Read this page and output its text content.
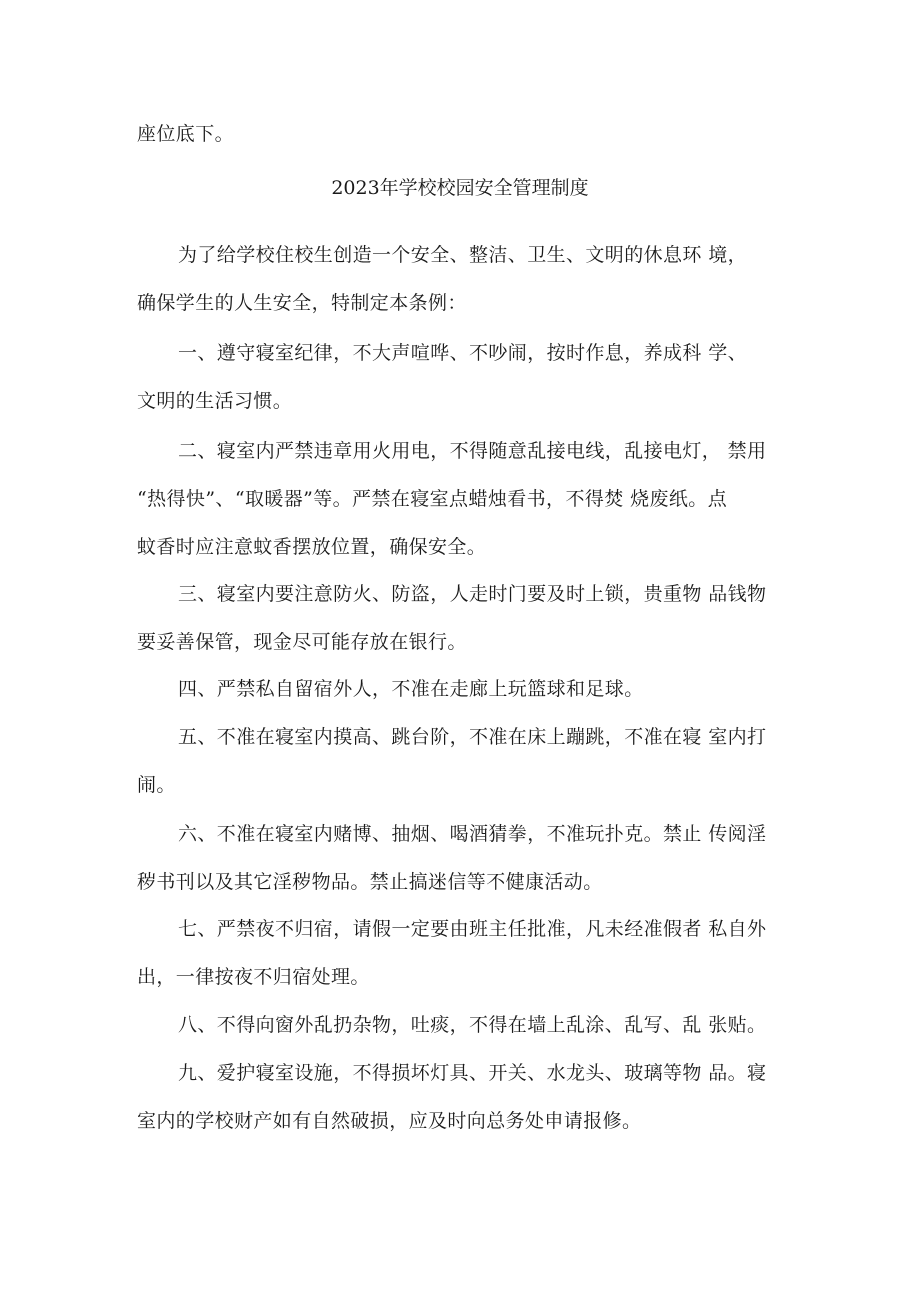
座位底下。
2023年学校校园安全管理制度
为了给学校住校生创造一个安全、整洁、卫生、文明的休息环 境，
确保学生的人生安全，特制定本条例：
一、遵守寝室纪律，不大声喧哗、不吵闹，按时作息，养成科 学、
文明的生活习惯。
二、寝室内严禁违章用火用电，不得随意乱接电线，乱接电灯， 禁用
“热得快”、“取暖器”等。严禁在寝室点蜡烛看书，不得焚 烧废纸。点
蚊香时应注意蚊香摆放位置，确保安全。
三、寝室内要注意防火、防盗，人走时门要及时上锁，贵重物 品钱物
要妥善保管，现金尽可能存放在银行。
四、严禁私自留宿外人，不准在走廊上玩篮球和足球。
五、不准在寝室内摸高、跳台阶，不准在床上蹦跳，不准在寝 室内打
闹。
六、不准在寝室内赌博、抽烟、喝酒猜拳，不准玩扑克。禁止 传阅淫
秽书刊以及其它淫秽物品。禁止搞迷信等不健康活动。
七、严禁夜不归宿，请假一定要由班主任批准，凡未经准假者 私自外
出，一律按夜不归宿处理。
八、不得向窗外乱扔杂物，吐痰，不得在墙上乱涂、乱写、乱 张贴。
九、爱护寝室设施，不得损坏灯具、开关、水龙头、玻璃等物 品。寝
室内的学校财产如有自然破损，应及时向总务处申请报修。
